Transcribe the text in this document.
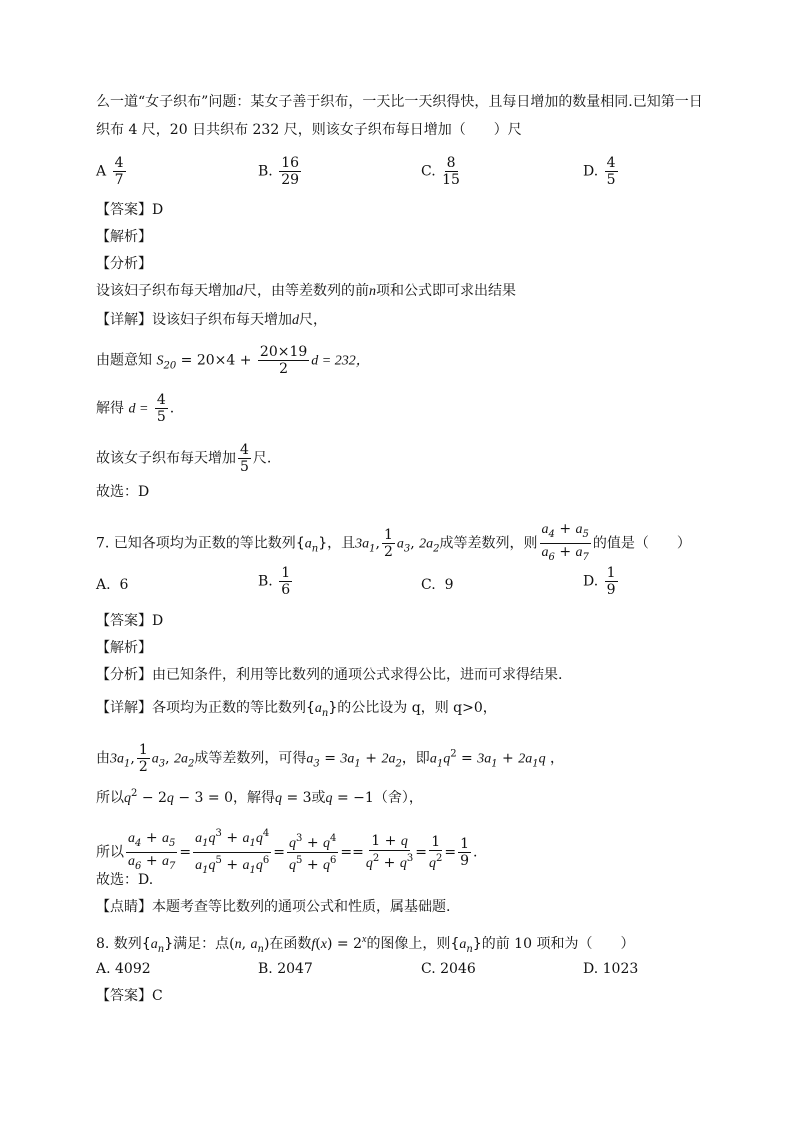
么一道“女子织布”问题：某女子善于织布，一天比一天织得快，且每日增加的数量相同.已知第一日
织布 4 尺，20 日共织布 232 尺，则该女子织布每日增加（　　）尺
A $\frac{4}{7}$	B. $\frac{16}{29}$	C. $\frac{8}{15}$	D. $\frac{4}{5}$
【答案】D
【解析】
【分析】
设该妇子织布每天增加d尺，由等差数列的前n项和公式即可求出结果
【详解】设该妇子织布每天增加d尺，
由题意知 $S_{20} = 20\times 4 + \frac{20\times 19}{2}$ d = 232，
解得 $d = \frac{4}{5}$ .
故该女子织布每天增加 $\frac{4}{5}$ 尺.
故选：D
7. 已知各项均为正数的等比数列$\{a_n\}$，且$3a_1$, $\frac{1}{2} a_3$, $2a_2$成等差数列，则 $\frac{a_4 + a_5}{a_6 + a_7}$ 的值是（　　）
A. 6	B. $\frac{1}{6}$	C. 9	D. $\frac{1}{9}$
【答案】D
【解析】
【分析】由已知条件，利用等比数列的通项公式求得公比，进而可求得结果.
【详解】各项均为正数的等比数列$\{a_n\}$的公比设为 q，则 q>0，
由$3a_1$, $\frac{1}{2} a_3$, $2a_2$成等差数列，可得$a_3 = 3a_1 + 2a_2$，即$a_1q^2 = 3a_1 + 2a_1q$ ，
所以$q^2 - 2q - 3 = 0$，解得q = 3或q = −1（舍），
所以 $\frac{a_4 + a_5}{a_6 + a_7} = \frac{a_1q^3 + a_1q^4}{a_1q^5 + a_1q^6} = \frac{q^3 + q^4}{q^5 + q^6} == \frac{1 + q}{q^2 + q^3} = \frac{1}{q^2} = \frac{1}{9}$ .
故选：D.
【点睛】本题考查等比数列的通项公式和性质，属基础题.
8. 数列$\{a_n\}$满足：点(n, $a_n$)在函数$f(x) = 2^x$的图像上，则$\{a_n\}$的前 10 项和为（　　）
A. 4092	B. 2047	C. 2046	D. 1023
【答案】C
